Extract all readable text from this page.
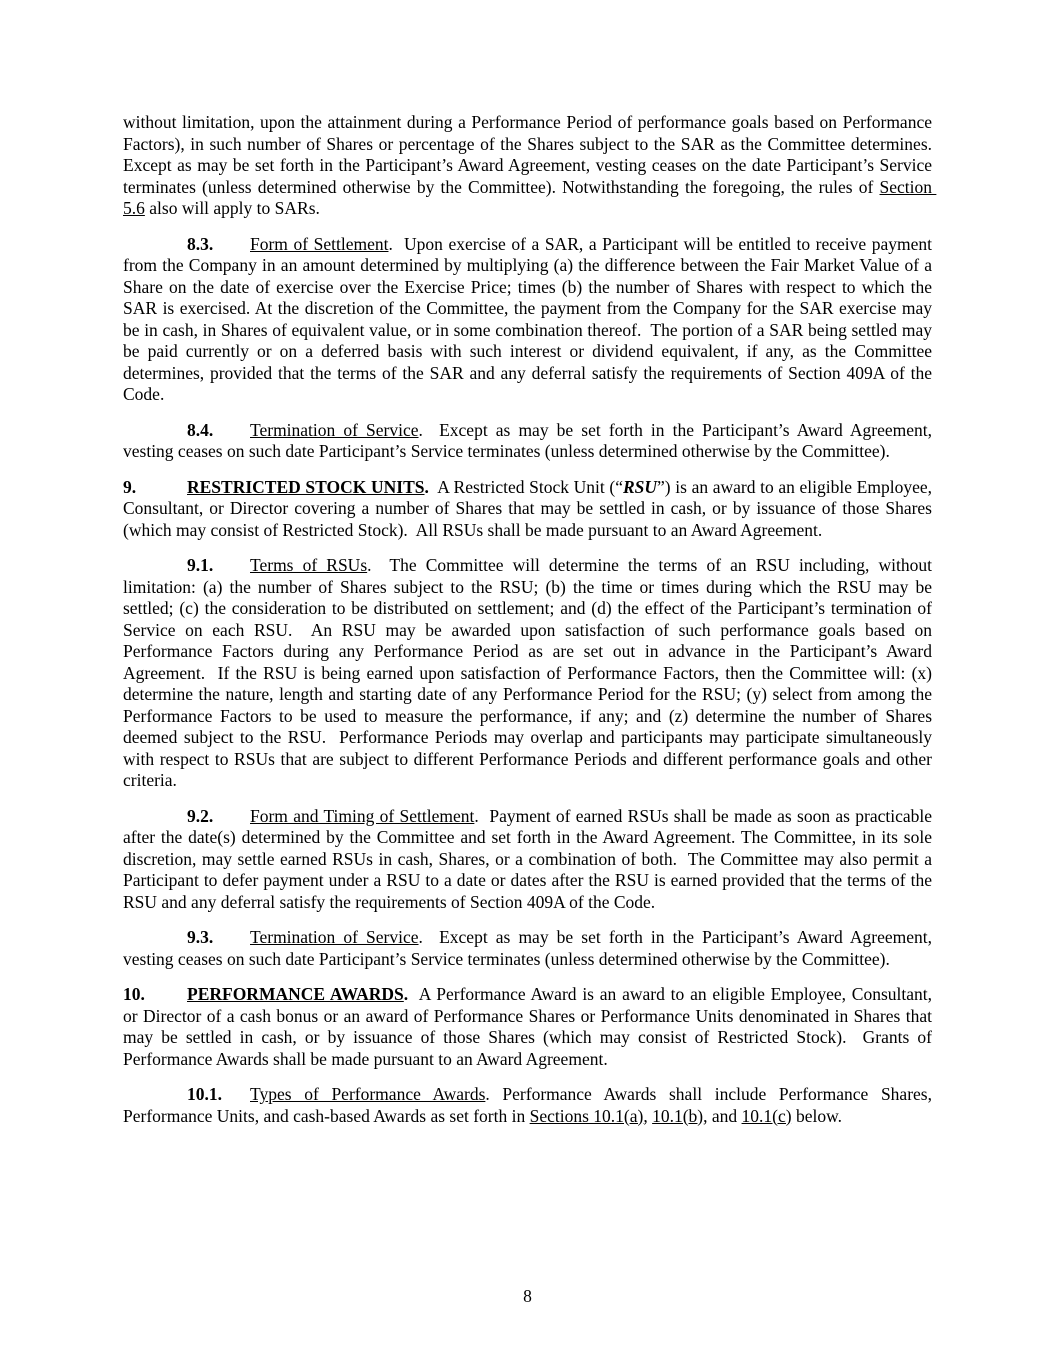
without limitation, upon the attainment during a Performance Period of performance goals based on Performance Factors), in such number of Shares or percentage of the Shares subject to the SAR as the Committee determines.  Except as may be set forth in the Participant’s Award Agreement, vesting ceases on the date Participant’s Service terminates (unless determined otherwise by the Committee). Notwithstanding the foregoing, the rules of Section 5.6 also will apply to SARs.

8.3. Form of Settlement.  Upon exercise of a SAR, a Participant will be entitled to receive payment from the Company in an amount determined by multiplying (a) the difference between the Fair Market Value of a Share on the date of exercise over the Exercise Price; times (b) the number of Shares with respect to which the SAR is exercised. At the discretion of the Committee, the payment from the Company for the SAR exercise may be in cash, in Shares of equivalent value, or in some combination thereof.  The portion of a SAR being settled may be paid currently or on a deferred basis with such interest or dividend equivalent, if any, as the Committee determines, provided that the terms of the SAR and any deferral satisfy the requirements of Section 409A of the Code.

8.4. Termination of Service.  Except as may be set forth in the Participant’s Award Agreement, vesting ceases on such date Participant’s Service terminates (unless determined otherwise by the Committee).

9.	RESTRICTED STOCK UNITS.  A Restricted Stock Unit (“RSU”) is an award to an eligible Employee, Consultant, or Director covering a number of Shares that may be settled in cash, or by issuance of those Shares (which may consist of Restricted Stock).  All RSUs shall be made pursuant to an Award Agreement.

9.1. Terms of RSUs.  The Committee will determine the terms of an RSU including, without limitation: (a) the number of Shares subject to the RSU; (b) the time or times during which the RSU may be settled; (c) the consideration to be distributed on settlement; and (d) the effect of the Participant’s termination of Service on each RSU.  An RSU may be awarded upon satisfaction of such performance goals based on Performance Factors during any Performance Period as are set out in advance in the Participant’s Award Agreement.  If the RSU is being earned upon satisfaction of Performance Factors, then the Committee will: (x) determine the nature, length and starting date of any Performance Period for the RSU; (y) select from among the Performance Factors to be used to measure the performance, if any; and (z) determine the number of Shares deemed subject to the RSU.  Performance Periods may overlap and participants may participate simultaneously with respect to RSUs that are subject to different Performance Periods and different performance goals and other criteria.

9.2. Form and Timing of Settlement.  Payment of earned RSUs shall be made as soon as practicable after the date(s) determined by the Committee and set forth in the Award Agreement. The Committee, in its sole discretion, may settle earned RSUs in cash, Shares, or a combination of both.  The Committee may also permit a Participant to defer payment under a RSU to a date or dates after the RSU is earned provided that the terms of the RSU and any deferral satisfy the requirements of Section 409A of the Code.

9.3. Termination of Service.  Except as may be set forth in the Participant’s Award Agreement, vesting ceases on such date Participant’s Service terminates (unless determined otherwise by the Committee).

10. PERFORMANCE AWARDS.  A Performance Award is an award to an eligible Employee, Consultant, or Director of a cash bonus or an award of Performance Shares or Performance Units denominated in Shares that may be settled in cash, or by issuance of those Shares (which may consist of Restricted Stock).  Grants of Performance Awards shall be made pursuant to an Award Agreement.

10.1. Types of Performance Awards. Performance Awards shall include Performance Shares, Performance Units, and cash-based Awards as set forth in Sections 10.1(a), 10.1(b), and 10.1(c) below.

8
